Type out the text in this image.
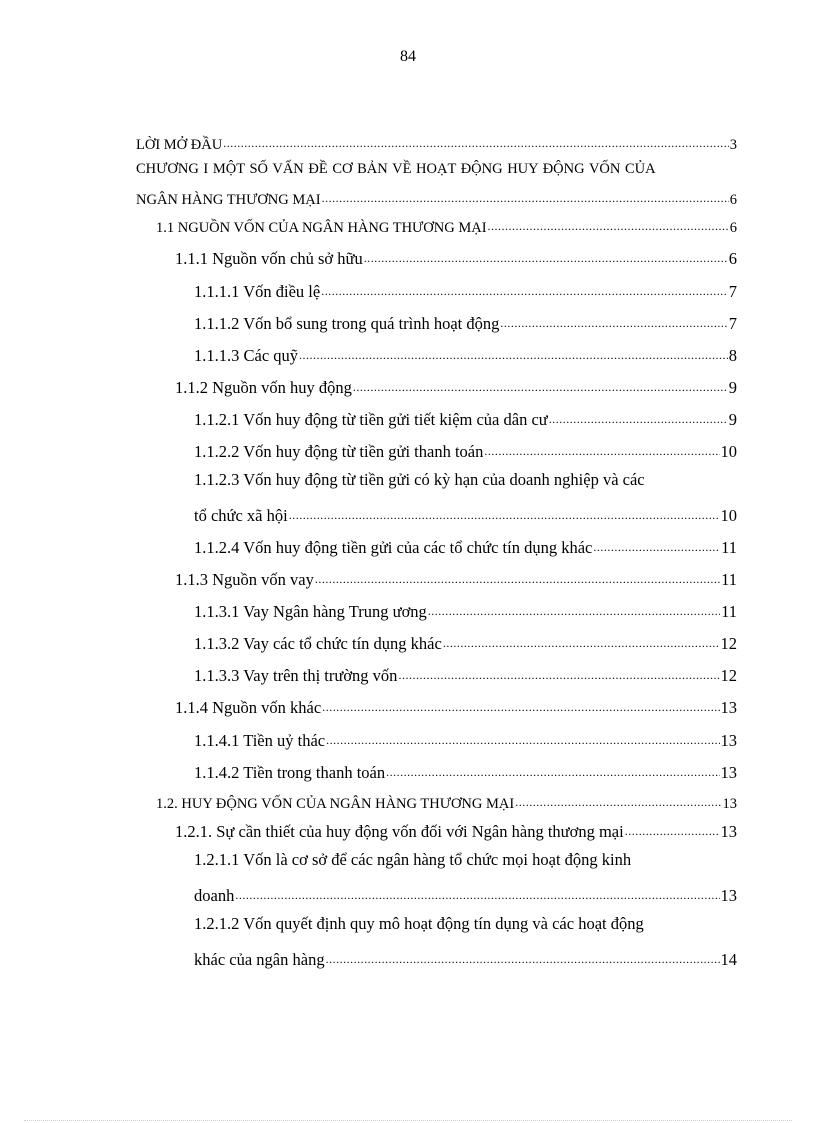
84
LỜI MỞ ĐẦU .....	3
CHƯƠNG I MỘT SỐ VẤN ĐỀ CƠ BẢN VỀ HOẠT ĐỘNG HUY ĐỘNG VỐN CỦA
NGÂN HÀNG THƯƠNG MẠI .....	6
1.1 NGUỒN VỐN CỦA NGÂN HÀNG THƯƠNG MẠI .....	6
1.1.1 Nguồn vốn chủ sở hữu .....	6
1.1.1.1 Vốn điều lệ .....	7
1.1.1.2 Vốn bổ sung trong quá trình hoạt động .....	7
1.1.1.3 Các quỹ .....	8
1.1.2 Nguồn vốn huy động .....	9
1.1.2.1 Vốn huy động từ tiền gửi tiết kiệm của dân cư .....	9
1.1.2.2 Vốn huy động từ tiền gửi thanh toán .....	10
1.1.2.3 Vốn huy động từ tiền gửi có kỳ hạn của doanh nghiệp và các
tổ chức xã hội .....	10
1.1.2.4 Vốn huy động tiền gửi của các tổ chức tín dụng khác .....	11
1.1.3 Nguồn vốn vay .....	11
1.1.3.1 Vay Ngân hàng Trung ương .....	11
1.1.3.2 Vay các tổ chức tín dụng khác .....	12
1.1.3.3 Vay trên thị trường vốn .....	12
1.1.4 Nguồn vốn khác .....	13
1.1.4.1 Tiền uỷ thác .....	13
1.1.4.2 Tiền trong thanh toán .....	13
1.2. HUY ĐỘNG VỐN CỦA NGÂN HÀNG THƯƠNG MẠI .....	13
1.2.1. Sự cần thiết của huy động vốn đối với Ngân hàng thương mại .....	13
1.2.1.1 Vốn là cơ sở để các ngân hàng tổ chức mọi hoạt động kinh
doanh .....	13
1.2.1.2 Vốn quyết định quy mô hoạt động tín dụng và các hoạt động
khác của ngân hàng .....	14
